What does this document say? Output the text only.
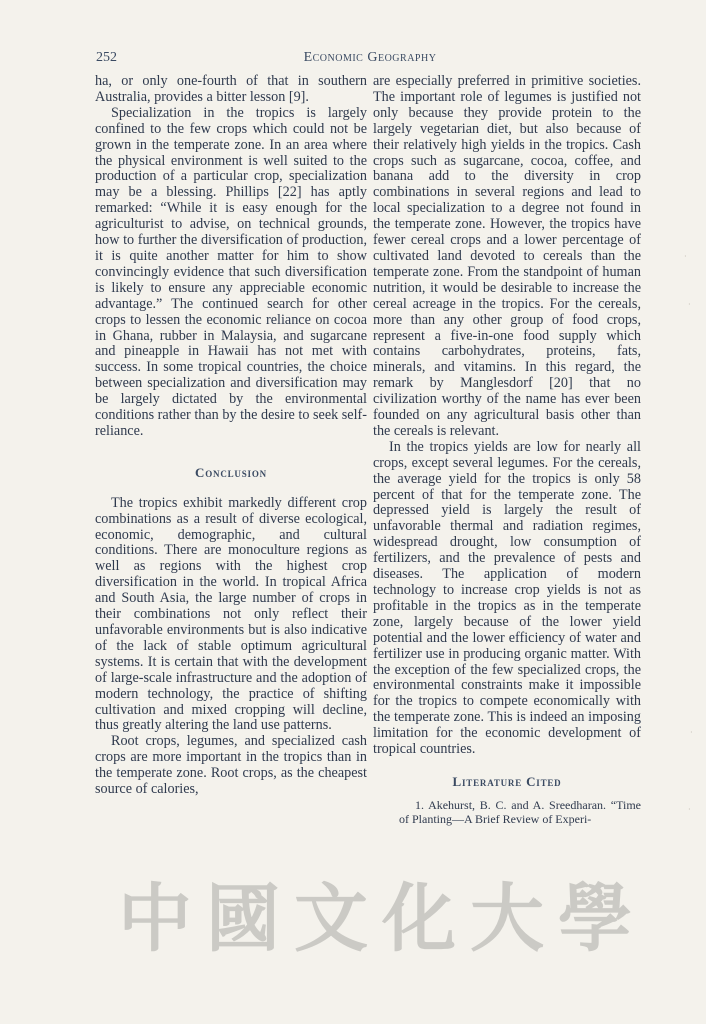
252	Economic Geography

ha, or only one-fourth of that in southern Australia, provides a bitter lesson [9].

Specialization in the tropics is largely confined to the few crops which could not be grown in the temperate zone. In an area where the physical environment is well suited to the production of a particular crop, specialization may be a blessing. Phillips [22] has aptly remarked: “While it is easy enough for the agriculturist to advise, on technical grounds, how to further the diversification of production, it is quite another matter for him to show convincingly evidence that such diversification is likely to ensure any appreciable economic advantage.” The continued search for other crops to lessen the economic reliance on cocoa in Ghana, rubber in Malaysia, and sugarcane and pineapple in Hawaii has not met with success. In some tropical countries, the choice between specialization and diversification may be largely dictated by the environmental conditions rather than by the desire to seek self-reliance.

Conclusion

The tropics exhibit markedly different crop combinations as a result of diverse ecological, economic, demographic, and cultural conditions. There are monoculture regions as well as regions with the highest crop diversification in the world. In tropical Africa and South Asia, the large number of crops in their combinations not only reflect their unfavorable environments but is also indicative of the lack of stable optimum agricultural systems. It is certain that with the development of large-scale infrastructure and the adoption of modern technology, the practice of shifting cultivation and mixed cropping will decline, thus greatly altering the land use patterns.

Root crops, legumes, and specialized cash crops are more important in the tropics than in the temperate zone. Root crops, as the cheapest source of calories,

are especially preferred in primitive societies. The important role of legumes is justified not only because they provide protein to the largely vegetarian diet, but also because of their relatively high yields in the tropics. Cash crops such as sugarcane, cocoa, coffee, and banana add to the diversity in crop combinations in several regions and lead to local specialization to a degree not found in the temperate zone. However, the tropics have fewer cereal crops and a lower percentage of cultivated land devoted to cereals than the temperate zone. From the standpoint of human nutrition, it would be desirable to increase the cereal acreage in the tropics. For the cereals, more than any other group of food crops, represent a five-in-one food supply which contains carbohydrates, proteins, fats, minerals, and vitamins. In this regard, the remark by Manglesdorf [20] that no civilization worthy of the name has ever been founded on any agricultural basis other than the cereals is relevant.

In the tropics yields are low for nearly all crops, except several legumes. For the cereals, the average yield for the tropics is only 58 percent of that for the temperate zone. The depressed yield is largely the result of unfavorable thermal and radiation regimes, widespread drought, low consumption of fertilizers, and the prevalence of pests and diseases. The application of modern technology to increase crop yields is not as profitable in the tropics as in the temperate zone, largely because of the lower yield potential and the lower efficiency of water and fertilizer use in producing organic matter. With the exception of the few specialized crops, the environmental constraints make it impossible for the tropics to compete economically with the temperate zone. This is indeed an imposing limitation for the economic development of tropical countries.

Literature Cited

1. Akehurst, B. C. and A. Sreedharan. “Time of Planting—A Brief Review of Experi-

·
·
·
·
中國文化大學
